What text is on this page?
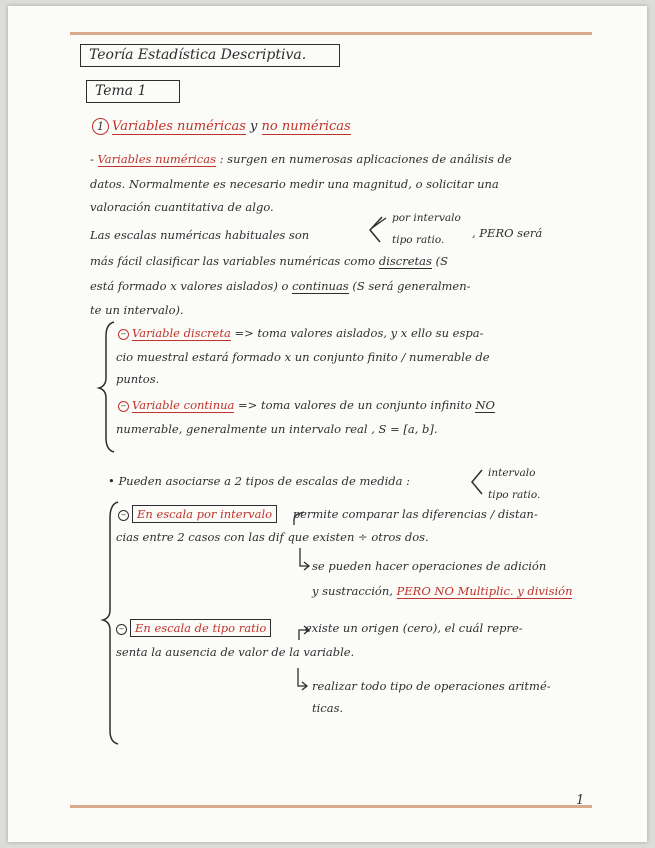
Teoría Estadística Descriptiva.
Tema 1
1 Variables numéricas y no numéricas
- Variables numéricas : surgen en numerosas aplicaciones de análisis de
datos. Normalmente es necesario medir una magnitud, o solicitar una
valoración cuantitativa de algo.
Las escalas numéricas habituales son
por intervalo
tipo ratio. , PERO será
más fácil clasificar las variables numéricas como discretas (S
está formado x valores aislados) o continuas (S será generalmen-
te un intervalo).
− Variable discreta => toma valores aislados, y x ello su espa-
cio muestral estará formado x un conjunto finito / numerable de
puntos.
− Variable continua => toma valores de un conjunto infinito NO
numerable, generalmente un intervalo real , S = [a, b].
• Pueden asociarse a 2 tipos de escalas de medida :
intervalo
tipo ratio.
− En escala por intervalo permite comparar las diferencias / distan-
cias entre 2 casos con las dif que existen ÷ otros dos.
se pueden hacer operaciones de adición
y sustracción, PERO NO Multiplic. y división
− En escala de tipo ratio	existe un origen (cero), el cuál repre-
senta la ausencia de valor de la variable.
realizar todo tipo de operaciones aritmé-
ticas.
1
